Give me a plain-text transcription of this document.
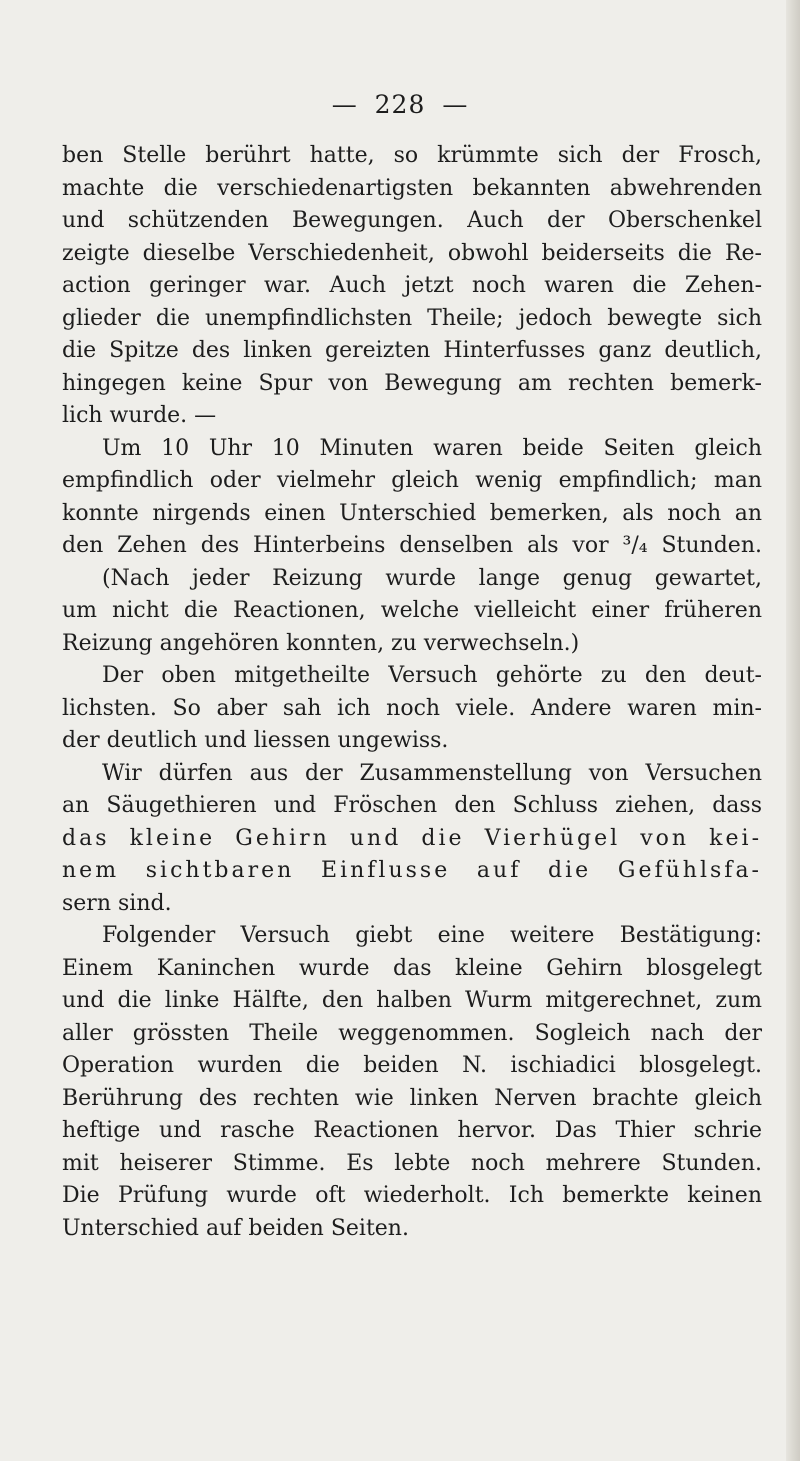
— 228 —
ben Stelle berührt hatte, so krümmte sich der Frosch,
machte die verschiedenartigsten bekannten abwehrenden
und schützenden Bewegungen. Auch der Oberschenkel
zeigte dieselbe Verschiedenheit, obwohl beiderseits die Re-
action geringer war. Auch jetzt noch waren die Zehen-
glieder die unempfindlichsten Theile; jedoch bewegte sich
die Spitze des linken gereizten Hinterfusses ganz deutlich,
hingegen keine Spur von Bewegung am rechten bemerk-
lich wurde. —
Um 10 Uhr 10 Minuten waren beide Seiten gleich
empfindlich oder vielmehr gleich wenig empfindlich; man
konnte nirgends einen Unterschied bemerken, als noch an
den Zehen des Hinterbeins denselben als vor ³/₄ Stunden.
(Nach jeder Reizung wurde lange genug gewartet,
um nicht die Reactionen, welche vielleicht einer früheren
Reizung angehören konnten, zu verwechseln.)
Der oben mitgetheilte Versuch gehörte zu den deut-
lichsten. So aber sah ich noch viele. Andere waren min-
der deutlich und liessen ungewiss.
Wir dürfen aus der Zusammenstellung von Versuchen
an Säugethieren und Fröschen den Schluss ziehen, dass
das kleine Gehirn und die Vierhügel von kei-
nem sichtbaren Einflusse auf die Gefühlsfa-
sern sind.
Folgender Versuch giebt eine weitere Bestätigung:
Einem Kaninchen wurde das kleine Gehirn blosgelegt
und die linke Hälfte, den halben Wurm mitgerechnet, zum
aller grössten Theile weggenommen. Sogleich nach der
Operation wurden die beiden N. ischiadici blosgelegt.
Berührung des rechten wie linken Nerven brachte gleich
heftige und rasche Reactionen hervor. Das Thier schrie
mit heiserer Stimme. Es lebte noch mehrere Stunden.
Die Prüfung wurde oft wiederholt. Ich bemerkte keinen
Unterschied auf beiden Seiten.
